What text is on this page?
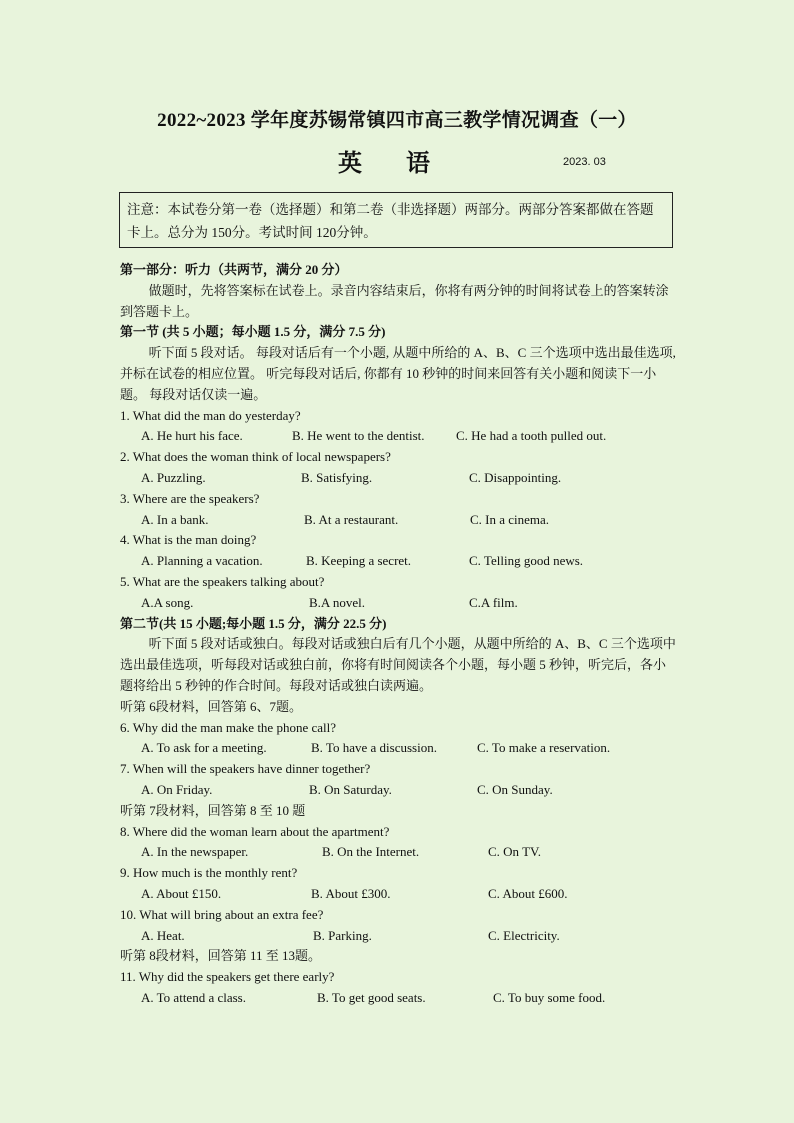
2022~2023 学年度苏锡常镇四市高三教学情况调查（一）
英语	2023. 03
注意：本试卷分第一卷（选择题）和第二卷（非选择题）两部分。两部分答案都做在答题卡上。总分为 150分。考试时间 120分钟。
第一部分：听力（共两节，满分 20 分）
做题时，先将答案标在试卷上。录音内容结束后，你将有两分钟的时间将试卷上的答案转涂到答题卡上。
第一节 (共 5 小题；每小题 1.5 分，满分 7.5 分)
听下面 5 段对话。 每段对话后有一个小题, 从题中所给的 A、B、C 三个选项中选出最佳选项, 并标在试卷的相应位置。 听完每段对话后, 你都有 10 秒钟的时间来回答有关小题和阅读下一小题。 每段对话仅读一遍。
1. What did the man do yesterday?
A. He hurt his face.	B. He went to the dentist. C. He had a tooth pulled out.
2. What does the woman think of local newspapers?
A. Puzzling.	B. Satisfying.	C. Disappointing.
3. Where are the speakers?
A. In a bank.	B. At a restaurant.	C. In a cinema.
4. What is the man doing?
A. Planning a vacation.	B. Keeping a secret.	C. Telling good news.
5. What are the speakers talking about?
A.A song.	B.A novel.	C.A film.
第二节(共 15 小题;每小题 1.5 分，满分 22.5 分)
听下面 5 段对话或独白。每段对话或独白后有几个小题，从题中所给的 A、B、C 三个选项中选出最佳选项，听每段对话或独白前，你将有时间阅读各个小题，每小题 5 秒钟，听完后，各小题将给出 5 秒钟的作合时间。每段对话或独白读两遍。
听第 6段材料，回答第 6、7题。
6. Why did the man make the phone call?
A. To ask for a meeting.	B. To have a discussion.	C. To make a reservation.
7. When will the speakers have dinner together?
A. On Friday.	B. On Saturday.	C. On Sunday.
听第 7段材料，回答第 8 至 10 题
8. Where did the woman learn about the apartment?
A. In the newspaper.	B. On the Internet.	C. On TV.
9. How much is the monthly rent?
A. About £150.	B. About £300.	C. About £600.
10. What will bring about an extra fee?
A. Heat.	B. Parking.	C. Electricity.
听第 8段材料，回答第 11 至 13题。
11. Why did the speakers get there early?
A. To attend a class.	B. To get good seats.	C. To buy some food.
